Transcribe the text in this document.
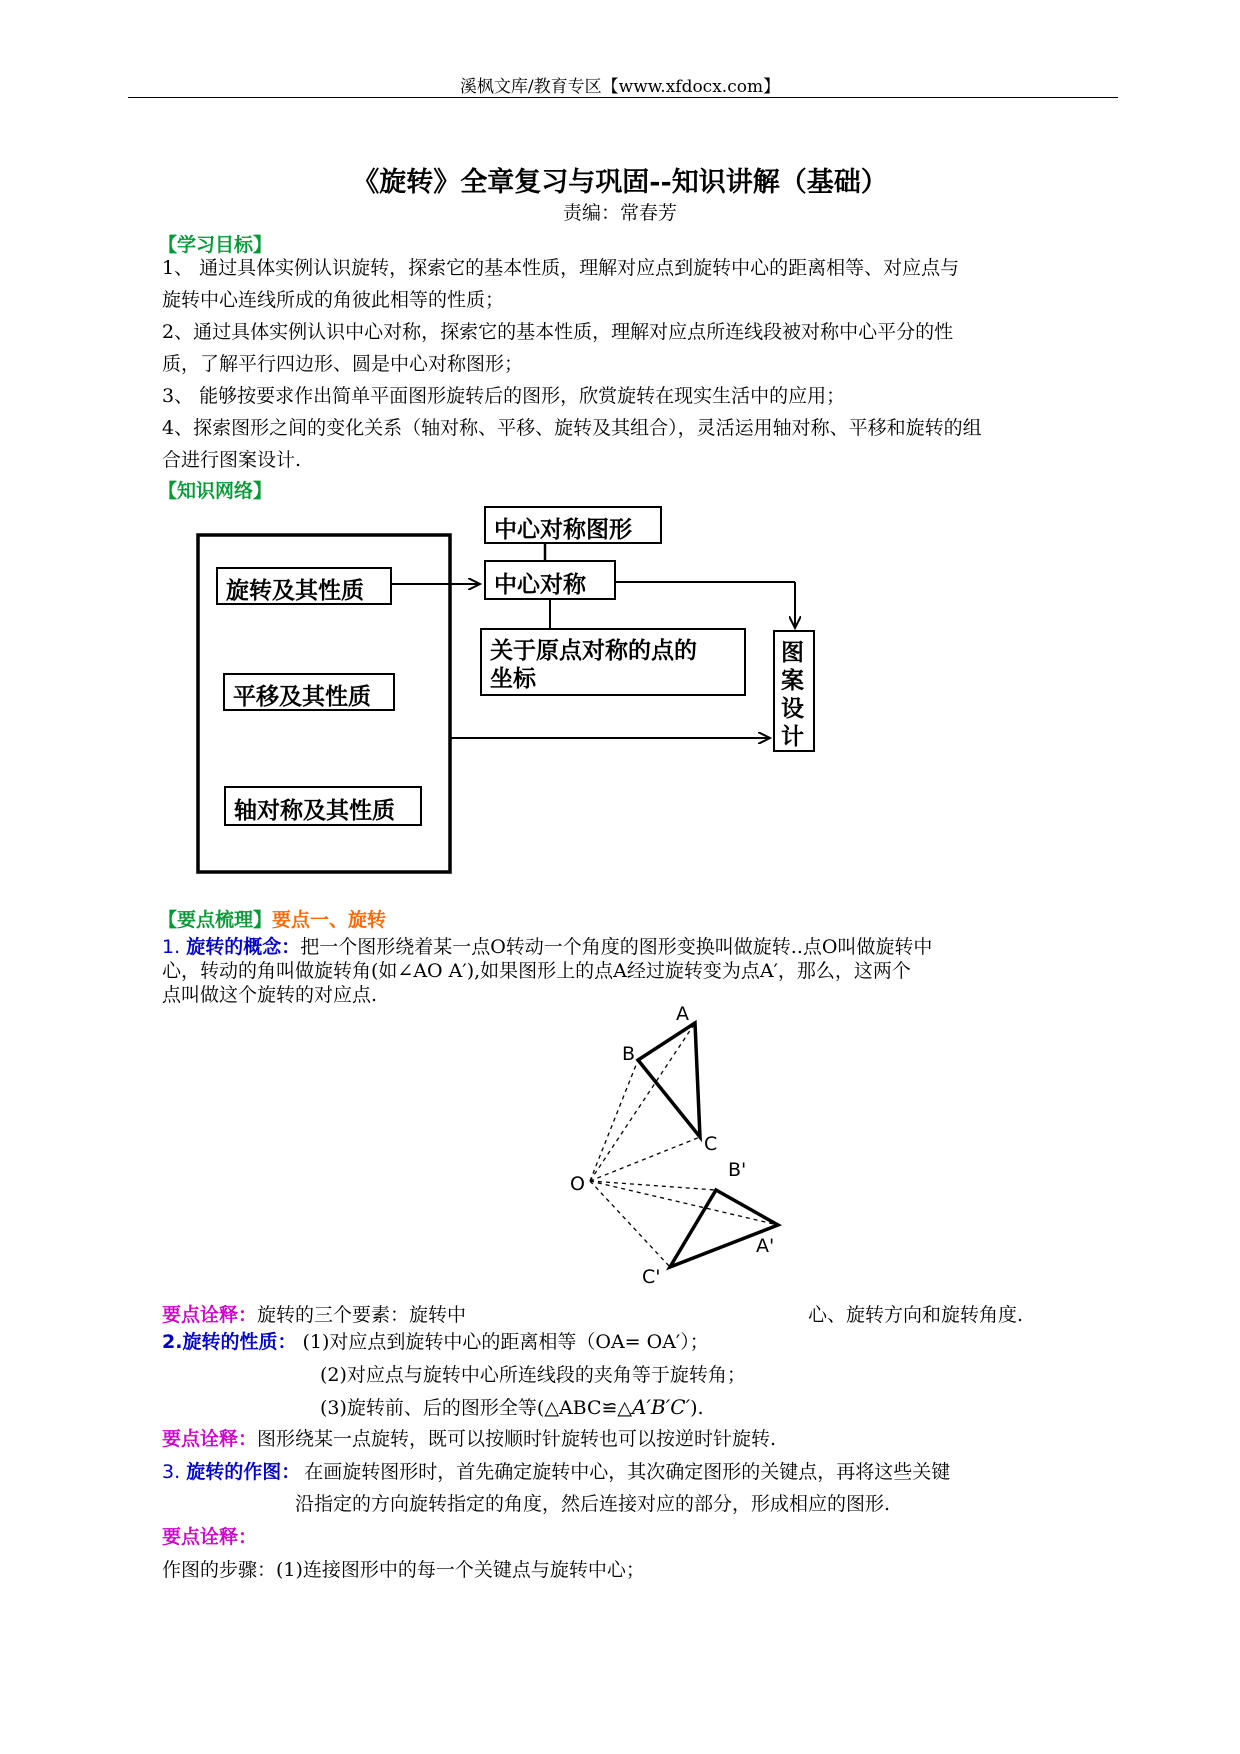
溪枫文库/教育专区【www.xfdocx.com】
《旋转》全章复习与巩固--知识讲解（基础）
责编：常春芳
【学习目标】
1、 通过具体实例认识旋转，探索它的基本性质，理解对应点到旋转中心的距离相等、对应点与
旋转中心连线所成的角彼此相等的性质；
2、通过具体实例认识中心对称，探索它的基本性质，理解对应点所连线段被对称中心平分的性
质，了解平行四边形、圆是中心对称图形；
3、 能够按要求作出简单平面图形旋转后的图形，欣赏旋转在现实生活中的应用；
4、探索图形之间的变化关系（轴对称、平移、旋转及其组合），灵活运用轴对称、平移和旋转的组
合进行图案设计.
【知识网络】
旋转及其性质
平移及其性质
轴对称及其性质
中心对称图形
中心对称
关于原点对称的点的
坐标
图
案
设
计
【要点梳理】要点一、旋转
1. 旋转的概念：把一个图形绕着某一点O转动一个角度的图形变换叫做旋转..点O叫做旋转中
心，转动的角叫做旋转角(如∠AO A′),如果图形上的点A经过旋转变为点A′，那么，这两个
点叫做这个旋转的对应点.
A
B
C
O
B'
A'
C'
要点诠释：旋转的三个要素：旋转中	心、旋转方向和旋转角度.
2.旋转的性质： (1)对应点到旋转中心的距离相等（OA= OA′）；
(2)对应点与旋转中心所连线段的夹角等于旋转角；
(3)旋转前、后的图形全等(△ABC≌△A′B′C′).
要点诠释：图形绕某一点旋转，既可以按顺时针旋转也可以按逆时针旋转.
3. 旋转的作图： 在画旋转图形时，首先确定旋转中心，其次确定图形的关键点，再将这些关键
沿指定的方向旋转指定的角度，然后连接对应的部分，形成相应的图形.
要点诠释：
作图的步骤：(1)连接图形中的每一个关键点与旋转中心；
